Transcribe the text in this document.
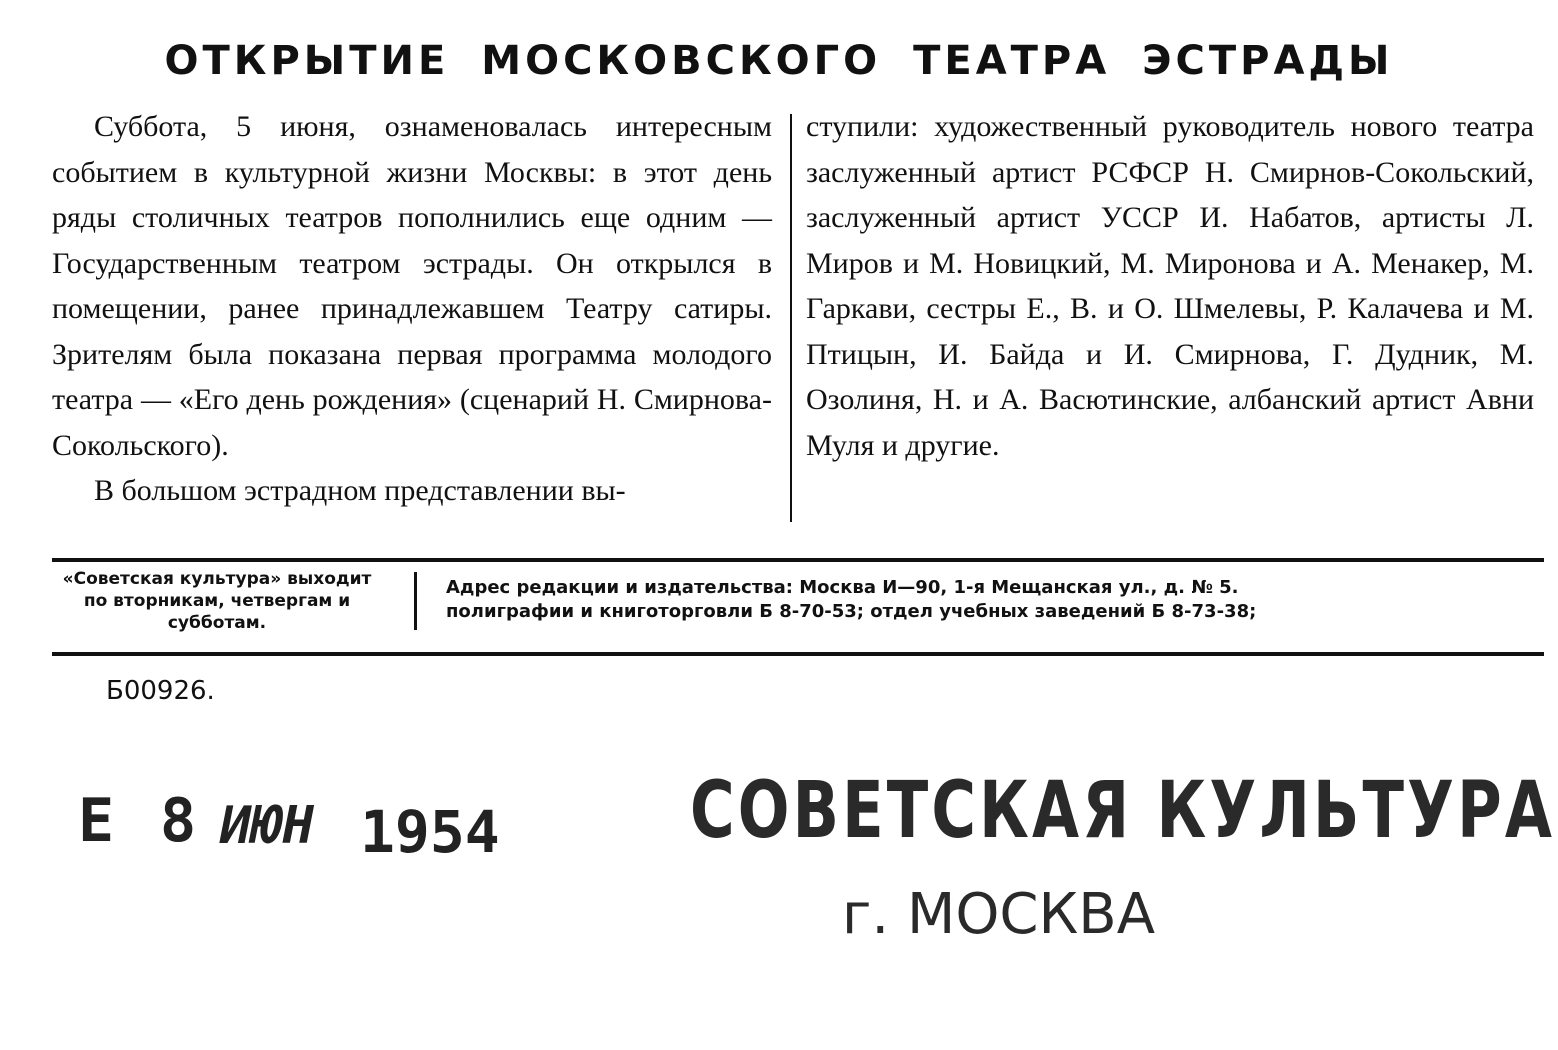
ОТКРЫТИЕ МОСКОВСКОГО ТЕАТРА ЭСТРАДЫ

Суббота, 5 июня, ознаменовалась интересным событием в культурной жизни Москвы: в этот день ряды столичных театров пополнились еще одним — Государственным театром эстрады. Он открылся в помещении, ранее принадлежавшем Театру сатиры. Зрителям была показана первая программа молодого театра — «Его день рождения» (сценарий Н. Смирнова-Сокольского).

В большом эстрадном представлении вы-

ступили: художественный руководитель нового театра заслуженный артист РСФСР Н. Смирнов-Сокольский, заслуженный артист УССР И. Набатов, артисты Л. Миров и М. Новицкий, М. Миронова и А. Менакер, М. Гаркави, сестры Е., В. и О. Шмелевы, Р. Калачева и М. Птицын, И. Байда и И. Смирнова, Г. Дудник, М. Озолиня, Н. и А. Васютинские, албанский артист Авни Муля и другие.

«Советская культура» выходит по вторникам, четвергам и субботам.
Адрес редакции и издательства: Москва И—90, 1-я Мещанская ул., д. № 5.
полиграфии и книготорговли Б 8-70-53; отдел учебных заведений Б 8-73-38;
Б00926.
Е 8 ИЮН 1954 СОВЕТСКАЯ КУЛЬТУРА
г. МОСКВА
